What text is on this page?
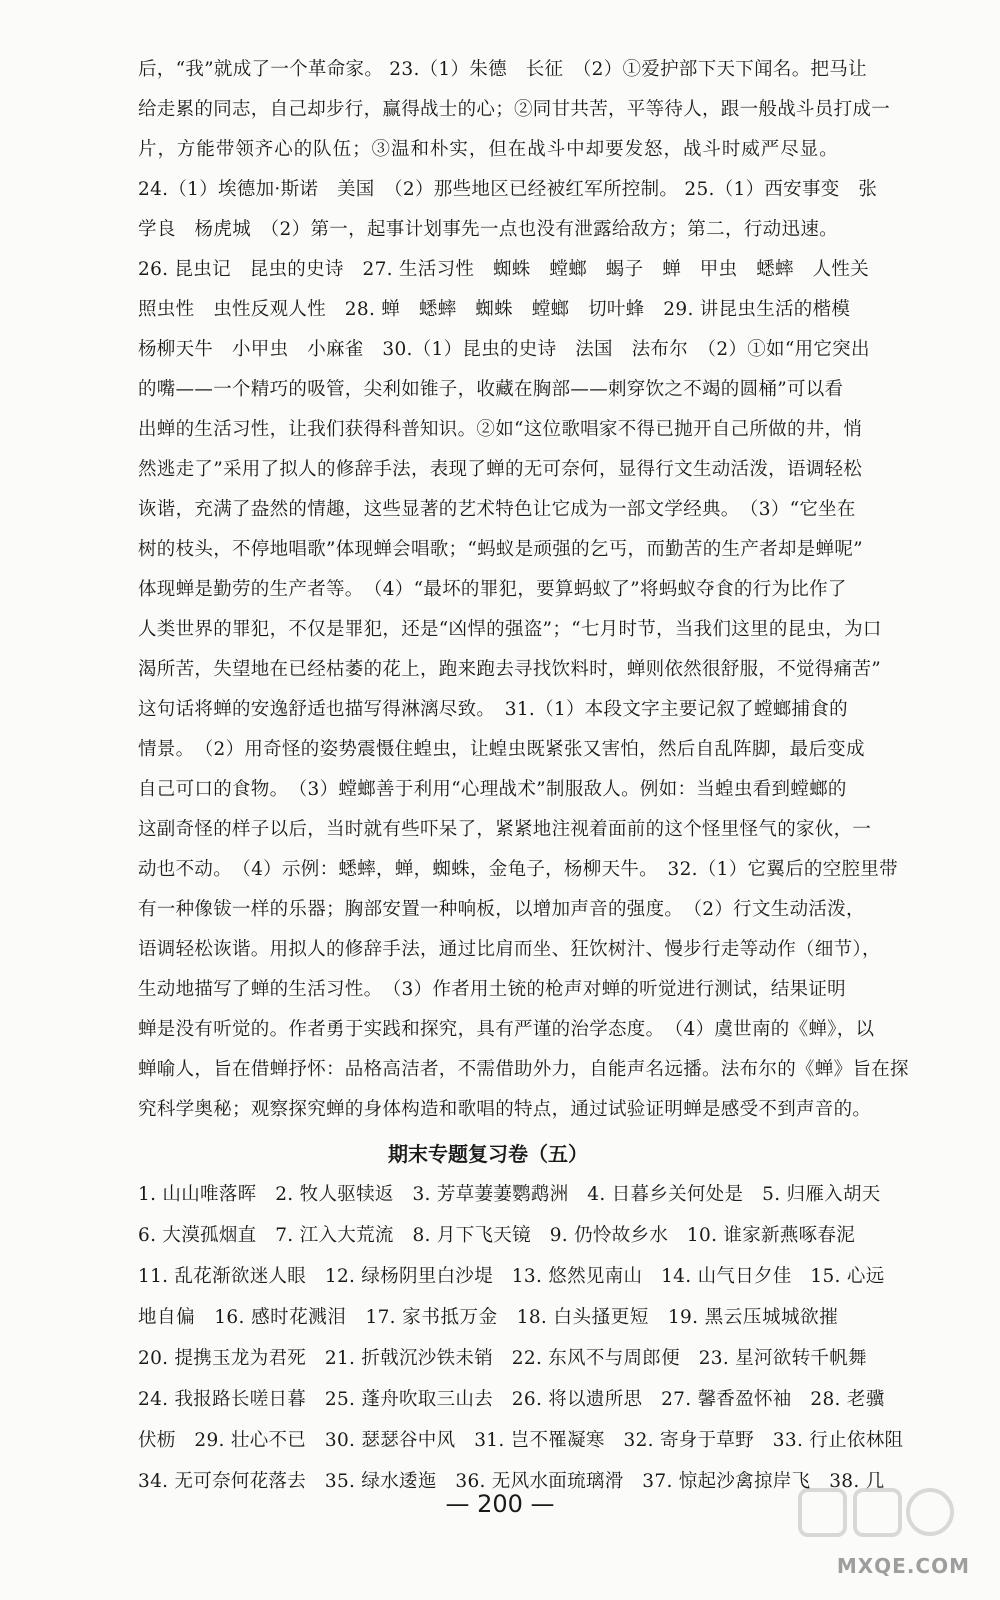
后，“我”就成了一个革命家。 23.（1）朱德　长征　（2）①爱护部下天下闻名。把马让
给走累的同志，自己却步行，赢得战士的心；②同甘共苦，平等待人，跟一般战斗员打成一
片，方能带领齐心的队伍；③温和朴实，但在战斗中却要发怒，战斗时威严尽显。
24.（1）埃德加·斯诺　美国　（2）那些地区已经被红军所控制。 25.（1）西安事变　张
学良　杨虎城　（2）第一，起事计划事先一点也没有泄露给敌方；第二，行动迅速。
26. 昆虫记　昆虫的史诗　27. 生活习性　蜘蛛　螳螂　蝎子　蝉　甲虫　蟋蟀　人性关
照虫性　虫性反观人性　28. 蝉　蟋蟀　蜘蛛　螳螂　切叶蜂　29. 讲昆虫生活的楷模
杨柳天牛　小甲虫　小麻雀　30.（1）昆虫的史诗　法国　法布尔　（2）①如“用它突出
的嘴——一个精巧的吸管，尖利如锥子，收藏在胸部——刺穿饮之不竭的圆桶”可以看
出蝉的生活习性，让我们获得科普知识。②如“这位歌唱家不得已抛开自己所做的井，悄
然逃走了”采用了拟人的修辞手法，表现了蝉的无可奈何，显得行文生动活泼，语调轻松
诙谐，充满了盎然的情趣，这些显著的艺术特色让它成为一部文学经典。　（3）“它坐在
树的枝头，不停地唱歌”体现蝉会唱歌；“蚂蚁是顽强的乞丐，而勤苦的生产者却是蝉呢”
体现蝉是勤劳的生产者等。　（4）“最坏的罪犯，要算蚂蚁了”将蚂蚁夺食的行为比作了
人类世界的罪犯，不仅是罪犯，还是“凶悍的强盗”；“七月时节，当我们这里的昆虫，为口
渴所苦，失望地在已经枯萎的花上，跑来跑去寻找饮料时，蝉则依然很舒服，不觉得痛苦”
这句话将蝉的安逸舒适也描写得淋漓尽致。　31.（1）本段文字主要记叙了螳螂捕食的
情景。　（2）用奇怪的姿势震慑住蝗虫，让蝗虫既紧张又害怕，然后自乱阵脚，最后变成
自己可口的食物。　（3）螳螂善于利用“心理战术”制服敌人。例如：当蝗虫看到螳螂的
这副奇怪的样子以后，当时就有些吓呆了，紧紧地注视着面前的这个怪里怪气的家伙，一
动也不动。　（4）示例：蟋蟀，蝉，蜘蛛，金龟子，杨柳天牛。　32.（1）它翼后的空腔里带
有一种像钹一样的乐器；胸部安置一种响板，以增加声音的强度。　（2）行文生动活泼，
语调轻松诙谐。用拟人的修辞手法，通过比肩而坐、狂饮树汁、慢步行走等动作（细节），
生动地描写了蝉的生活习性。　（3）作者用土铳的枪声对蝉的听觉进行测试，结果证明
蝉是没有听觉的。作者勇于实践和探究，具有严谨的治学态度。　（4）虞世南的《蝉》，以
蝉喻人，旨在借蝉抒怀：品格高洁者，不需借助外力，自能声名远播。法布尔的《蝉》旨在探
究科学奥秘；观察探究蝉的身体构造和歌唱的特点，通过试验证明蝉是感受不到声音的。
期末专题复习卷（五）
1. 山山唯落晖　2. 牧人驱犊返　3. 芳草萋萋鹦鹉洲　4. 日暮乡关何处是　5. 归雁入胡天
6. 大漠孤烟直　7. 江入大荒流　8. 月下飞天镜　9. 仍怜故乡水　10. 谁家新燕啄春泥
11. 乱花渐欲迷人眼　12. 绿杨阴里白沙堤　13. 悠然见南山　14. 山气日夕佳　15. 心远
地自偏　16. 感时花溅泪　17. 家书抵万金　18. 白头搔更短　19. 黑云压城城欲摧
20. 提携玉龙为君死　21. 折戟沉沙铁未销　22. 东风不与周郎便　23. 星河欲转千帆舞
24. 我报路长嗟日暮　25. 蓬舟吹取三山去　26. 将以遗所思　27. 馨香盈怀袖　28. 老骥
伏枥　29. 壮心不已　30. 瑟瑟谷中风　31. 岂不罹凝寒　32. 寄身于草野　33. 行止依林阻
34. 无可奈何花落去　35. 绿水逶迤　36. 无风水面琉璃滑　37. 惊起沙禽掠岸飞　38. 几
— 200 —
MXQE.COM
